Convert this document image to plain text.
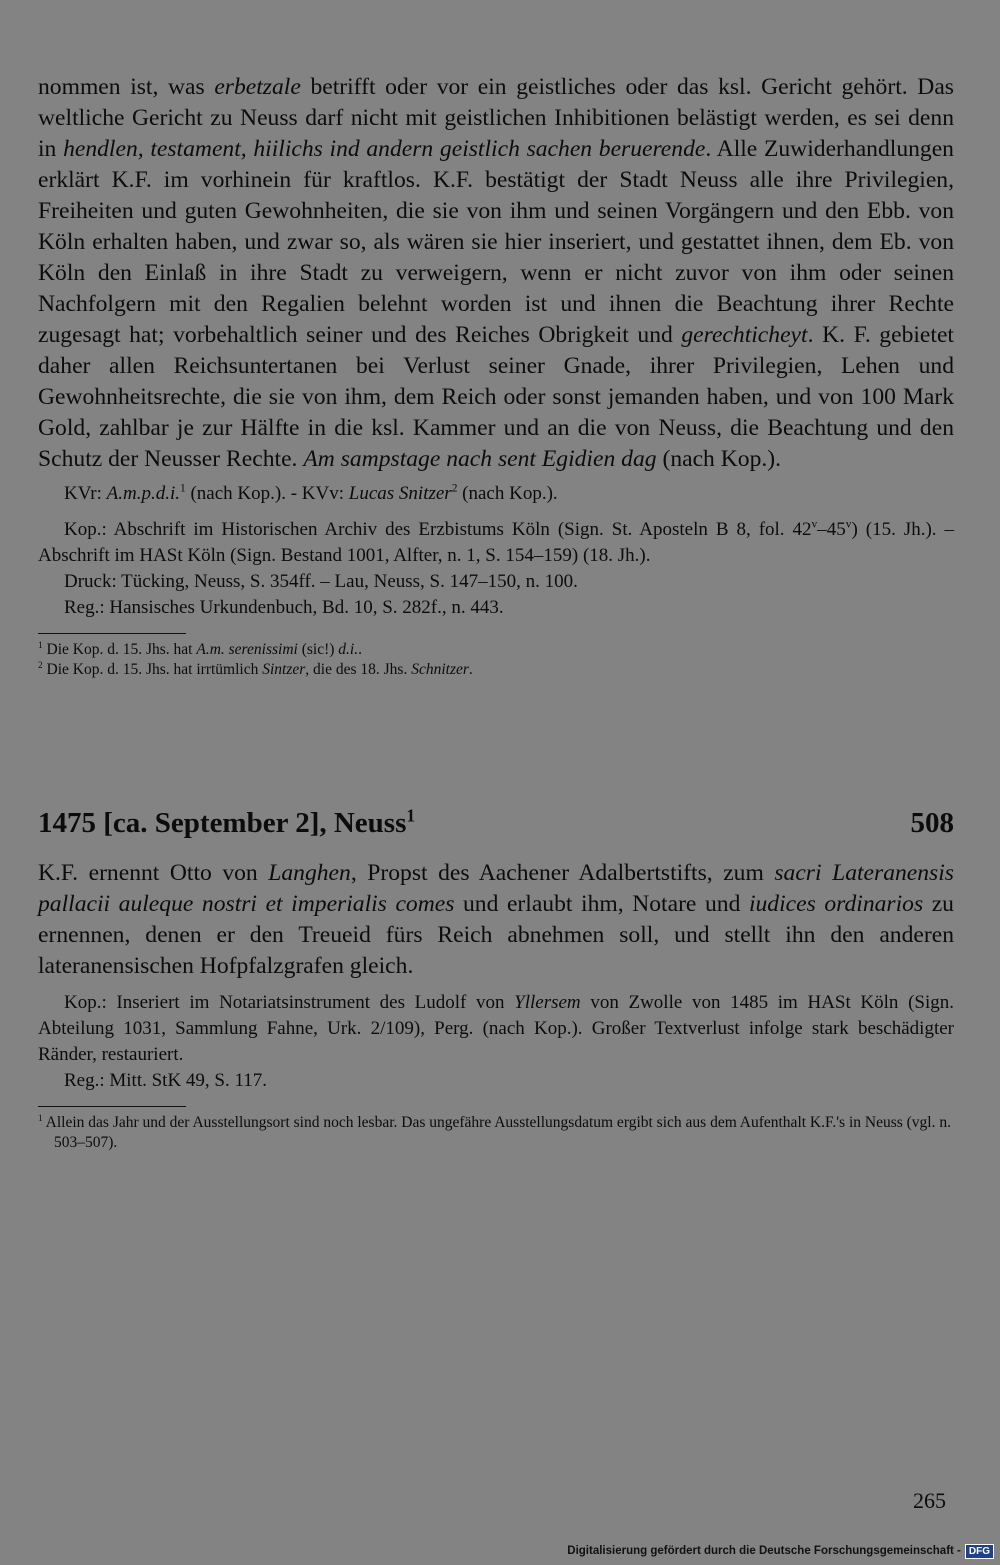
nommen ist, was erbetzale betrifft oder vor ein geistliches oder das ksl. Gericht gehört. Das weltliche Gericht zu Neuss darf nicht mit geistlichen Inhibitionen belästigt werden, es sei denn in hendlen, testament, hiilichs ind andern geistlich sachen beruerende. Alle Zuwiderhandlungen erklärt K.F. im vorhinein für kraftlos. K.F. bestätigt der Stadt Neuss alle ihre Privilegien, Freiheiten und guten Gewohnheiten, die sie von ihm und seinen Vorgängern und den Ebb. von Köln erhalten haben, und zwar so, als wären sie hier inseriert, und gestattet ihnen, dem Eb. von Köln den Einlaß in ihre Stadt zu verweigern, wenn er nicht zuvor von ihm oder seinen Nachfolgern mit den Regalien belehnt worden ist und ihnen die Beachtung ihrer Rechte zugesagt hat; vorbehaltlich seiner und des Reiches Obrigkeit und gerechticheyt. K. F. gebietet daher allen Reichsuntertanen bei Verlust seiner Gnade, ihrer Privilegien, Lehen und Gewohnheitsrechte, die sie von ihm, dem Reich oder sonst jemanden haben, und von 100 Mark Gold, zahlbar je zur Hälfte in die ksl. Kammer und an die von Neuss, die Beachtung und den Schutz der Neusser Rechte. Am sampstage nach sent Egidien dag (nach Kop.).

KVr: A.m.p.d.i.$^1$ (nach Kop.). - KVv: Lucas Snitzer$^2$ (nach Kop.).

Kop.: Abschrift im Historischen Archiv des Erzbistums Köln (Sign. St. Aposteln B 8, fol. 42$^v$–45$^v$) (15. Jh.). – Abschrift im HASt Köln (Sign. Bestand 1001, Alfter, n. 1, S. 154–159) (18. Jh.).

Druck: Tücking, Neuss, S. 354ff. – Lau, Neuss, S. 147–150, n. 100.

Reg.: Hansisches Urkundenbuch, Bd. 10, S. 282f., n. 443.

$^1$ Die Kop. d. 15. Jhs. hat A.m. serenissimi (sic!) d.i..

$^2$ Die Kop. d. 15. Jhs. hat irrtümlich Sintzer, die des 18. Jhs. Schnitzer.

1475 [ca. September 2], Neuss$^1$	508

K.F. ernennt Otto von Langhen, Propst des Aachener Adalbertstifts, zum sacri Lateranensis pallacii auleque nostri et imperialis comes und erlaubt ihm, Notare und iudices ordinarios zu ernennen, denen er den Treueid fürs Reich abnehmen soll, und stellt ihn den anderen lateranensischen Hofpfalzgrafen gleich.

Kop.: Inseriert im Notariatsinstrument des Ludolf von Yllersem von Zwolle von 1485 im HASt Köln (Sign. Abteilung 1031, Sammlung Fahne, Urk. 2/109), Perg. (nach Kop.). Großer Textverlust infolge stark beschädigter Ränder, restauriert.

Reg.: Mitt. StK 49, S. 117.

$^1$ Allein das Jahr und der Ausstellungsort sind noch lesbar. Das ungefähre Ausstellungsdatum ergibt sich aus dem Aufenthalt K.F.'s in Neuss (vgl. n. 503–507).

265
Digitalisierung gefördert durch die Deutsche Forschungsgemeinschaft - DFG
